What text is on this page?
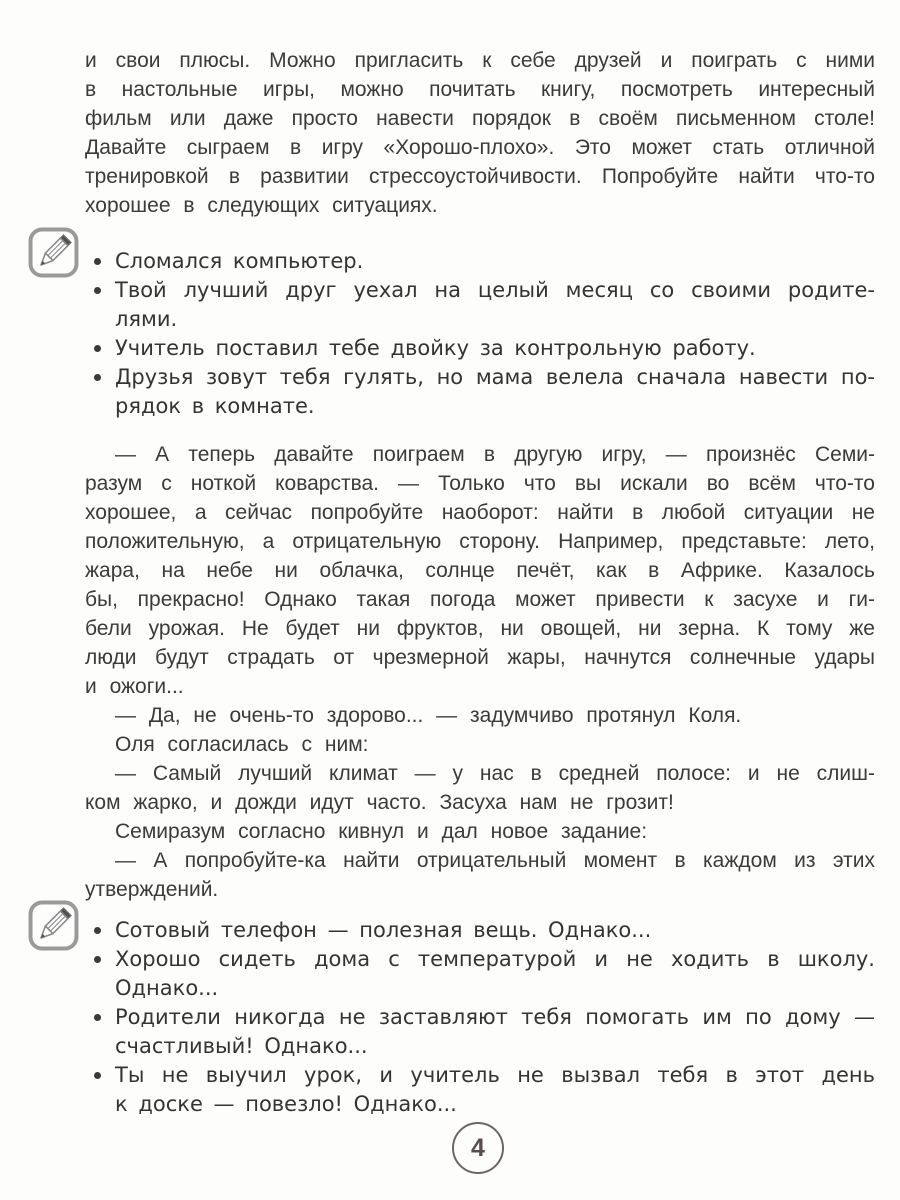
и свои плюсы. Можно пригласить к себе друзей и поиграть с ними
в настольные игры, можно почитать книгу, посмотреть интересный
фильм или даже просто навести порядок в своём письменном столе!
Давайте сыграем в игру «Хорошо-плохо». Это может стать отличной
тренировкой в развитии стрессоустойчивости. Попробуйте найти что-то
хорошее в следующих ситуациях.
Сломался компьютер.
Твой лучший друг уехал на целый месяц со своими родите-
лями.
Учитель поставил тебе двойку за контрольную работу.
Друзья зовут тебя гулять, но мама велела сначала навести по-
рядок в комнате.
— А теперь давайте поиграем в другую игру, — произнёс Семи-
разум с ноткой коварства. — Только что вы искали во всём что-то
хорошее, а сейчас попробуйте наоборот: найти в любой ситуации не
положительную, а отрицательную сторону. Например, представьте: лето,
жара, на небе ни облачка, солнце печёт, как в Африке. Казалось
бы, прекрасно! Однако такая погода может привести к засухе и ги-
бели урожая. Не будет ни фруктов, ни овощей, ни зерна. К тому же
люди будут страдать от чрезмерной жары, начнутся солнечные удары
и ожоги...
— Да, не очень-то здорово... — задумчиво протянул Коля.
Оля согласилась с ним:
— Самый лучший климат — у нас в средней полосе: и не слиш-
ком жарко, и дожди идут часто. Засуха нам не грозит!
Семиразум согласно кивнул и дал новое задание:
— А попробуйте-ка найти отрицательный момент в каждом из этих
утверждений.
Сотовый телефон — полезная вещь. Однако...
Хорошо сидеть дома с температурой и не ходить в школу.
Однако...
Родители никогда не заставляют тебя помогать им по дому —
счастливый! Однако...
Ты не выучил урок, и учитель не вызвал тебя в этот день
к доске — повезло! Однако...
4
